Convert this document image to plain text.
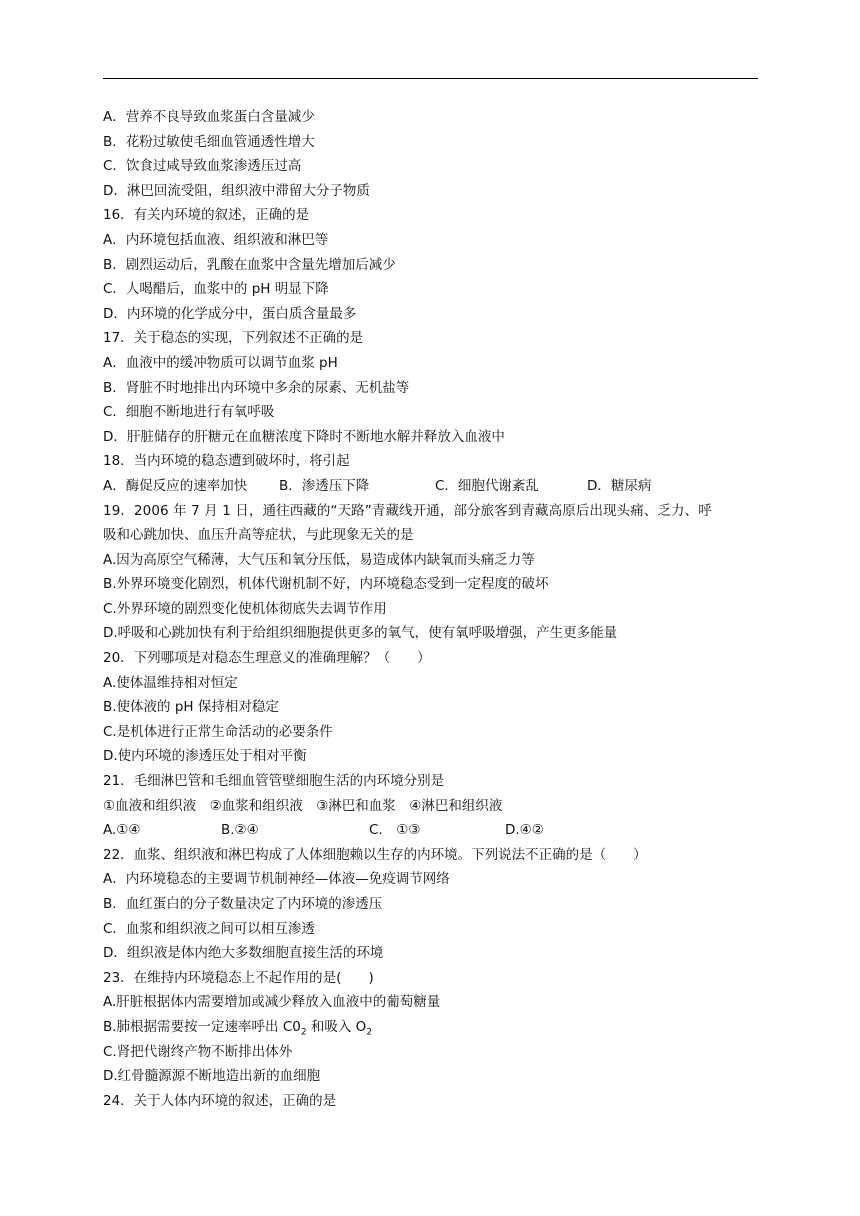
A．营养不良导致血浆蛋白含量减少
B．花粉过敏使毛细血管通透性增大
C．饮食过咸导致血浆渗透压过高
D．淋巴回流受阻，组织液中滞留大分子物质
16．有关内环境的叙述，正确的是
A．内环境包括血液、组织液和淋巴等
B．剧烈运动后，乳酸在血浆中含量先增加后减少
C．人喝醋后，血浆中的 pH 明显下降
D．内环境的化学成分中，蛋白质含量最多
17．关于稳态的实现，下列叙述不正确的是
A．血液中的缓冲物质可以调节血浆 pH
B．肾脏不时地排出内环境中多余的尿素、无机盐等
C．细胞不断地进行有氧呼吸
D．肝脏储存的肝糖元在血糖浓度下降时不断地水解并释放入血液中
18．当内环境的稳态遭到破坏时，将引起
A．酶促反应的速率加快 B．渗透压下降	C．细胞代谢紊乱	D．糖尿病
19．2006 年 7 月 1 日，通往西藏的“天路”青藏线开通，部分旅客到青藏高原后出现头痛、乏力、呼
吸和心跳加快、血压升高等症状，与此现象无关的是
A.因为高原空气稀薄，大气压和氧分压低，易造成体内缺氧而头痛乏力等
B.外界环境变化剧烈，机体代谢机制不好，内环境稳态受到一定程度的破坏
C.外界环境的剧烈变化使机体彻底失去调节作用
D.呼吸和心跳加快有利于给组织细胞提供更多的氧气，使有氧呼吸增强，产生更多能量
20．下列哪项是对稳态生理意义的准确理解？（　　）
A.使体温维持相对恒定
B.使体液的 pH 保持相对稳定
C.是机体进行正常生命活动的必要条件
D.使内环境的渗透压处于相对平衡
21．毛细淋巴管和毛细血管管壁细胞生活的内环境分别是
①血液和组织液　②血浆和组织液　③淋巴和血浆　④淋巴和组织液
A.①④	B.②④	C.　①③	D.④②
22．血浆、组织液和淋巴构成了人体细胞赖以生存的内环境。下列说法不正确的是（　　）
A．内环境稳态的主要调节机制神经—体液—免疫调节网络
B．血红蛋白的分子数量决定了内环境的渗透压
C．血浆和组织液之间可以相互渗透
D．组织液是体内绝大多数细胞直接生活的环境
23．在维持内环境稳态上不起作用的是(　　)
A.肝脏根据体内需要增加或减少释放入血液中的葡萄糖量
B.肺根据需要按一定速率呼出 $C0_2$ 和吸入 $O_2$
C.肾把代谢终产物不断排出体外
D.红骨髓源源不断地造出新的血细胞
24．关于人体内环境的叙述，正确的是
